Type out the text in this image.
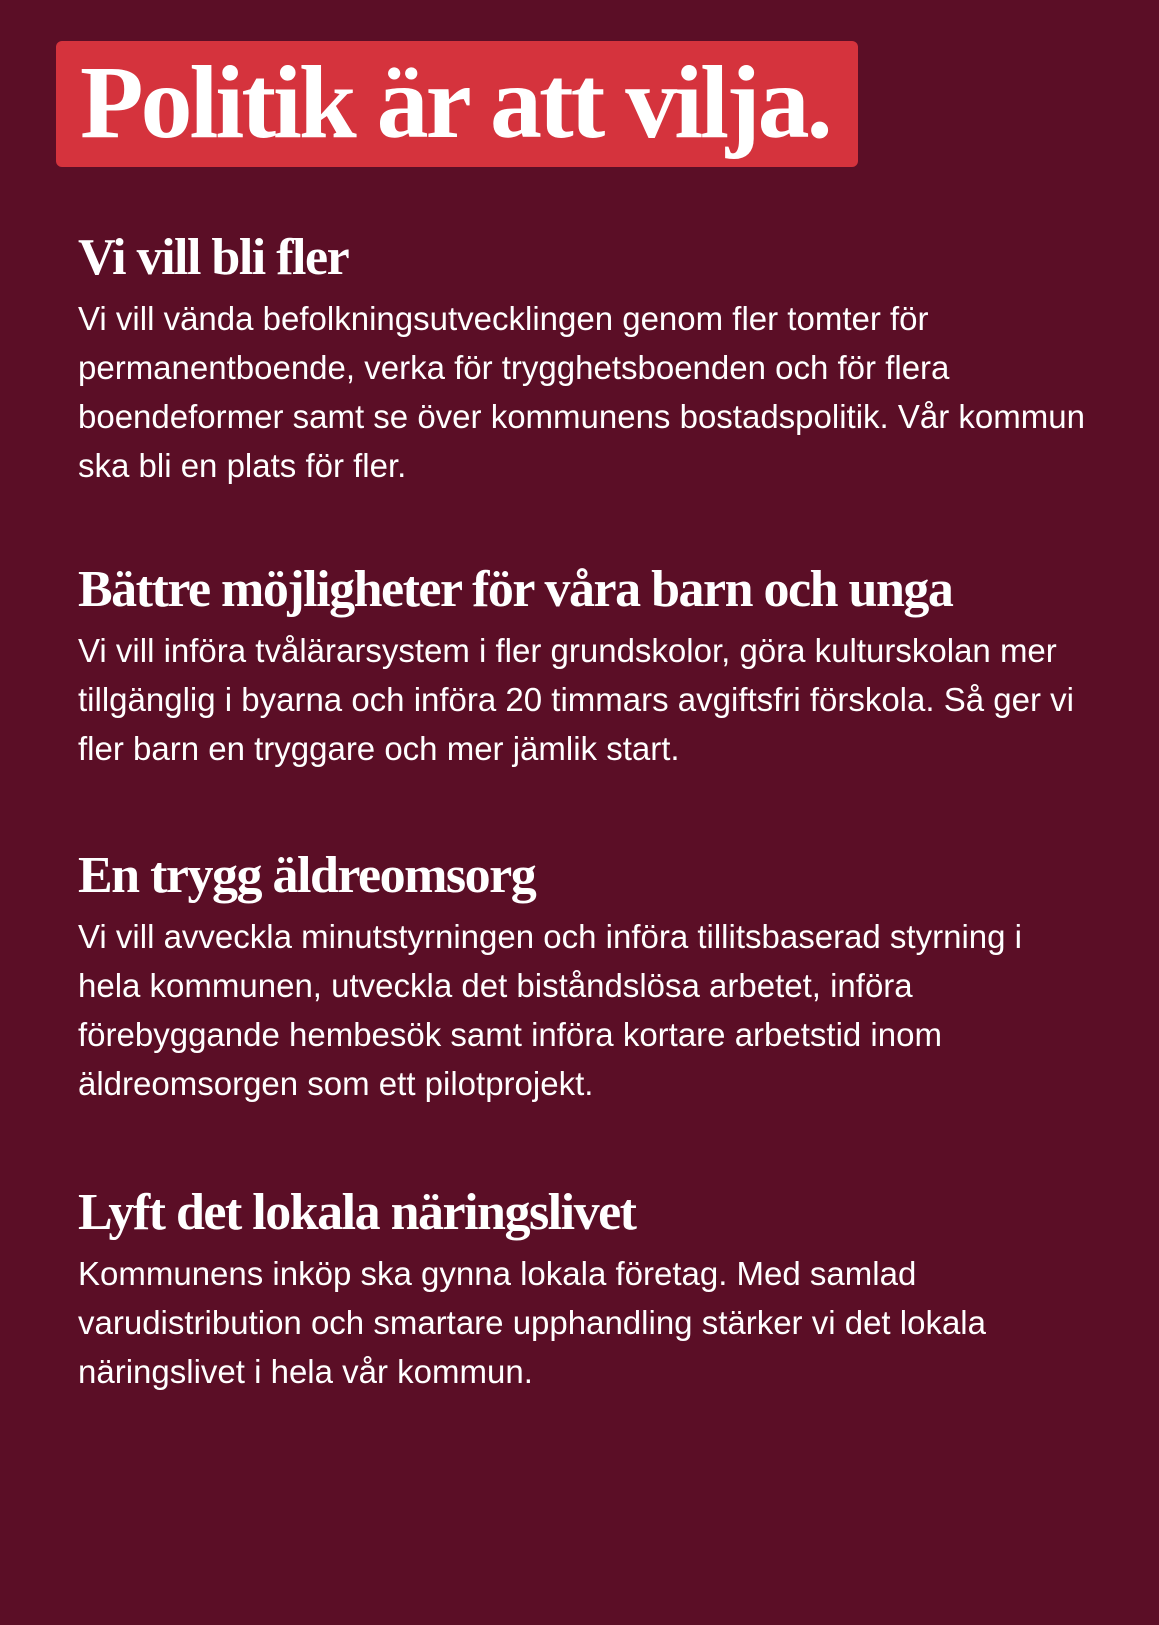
Politik är att vilja.
Vi vill bli fler

Vi vill vända befolkningsutvecklingen genom fler tomter för permanentboende, verka för trygghetsboenden och för flera boendeformer samt se över kommunens bostadspolitik. Vår kommun ska bli en plats för fler.

Bättre möjligheter för våra barn och unga

Vi vill införa tvålärarsystem i fler grundskolor, göra kulturskolan mer tillgänglig i byarna och införa 20 timmars avgiftsfri förskola. Så ger vi fler barn en tryggare och mer jämlik start.

En trygg äldreomsorg

Vi vill avveckla minutstyrningen och införa tillitsbaserad styrning i hela kommunen, utveckla det biståndslösa arbetet, införa förebyggande hembesök samt införa kortare arbetstid inom äldreomsorgen som ett pilotprojekt.

Lyft det lokala näringslivet

Kommunens inköp ska gynna lokala företag. Med samlad varudistribution och smartare upphandling stärker vi det lokala näringslivet i hela vår kommun.
